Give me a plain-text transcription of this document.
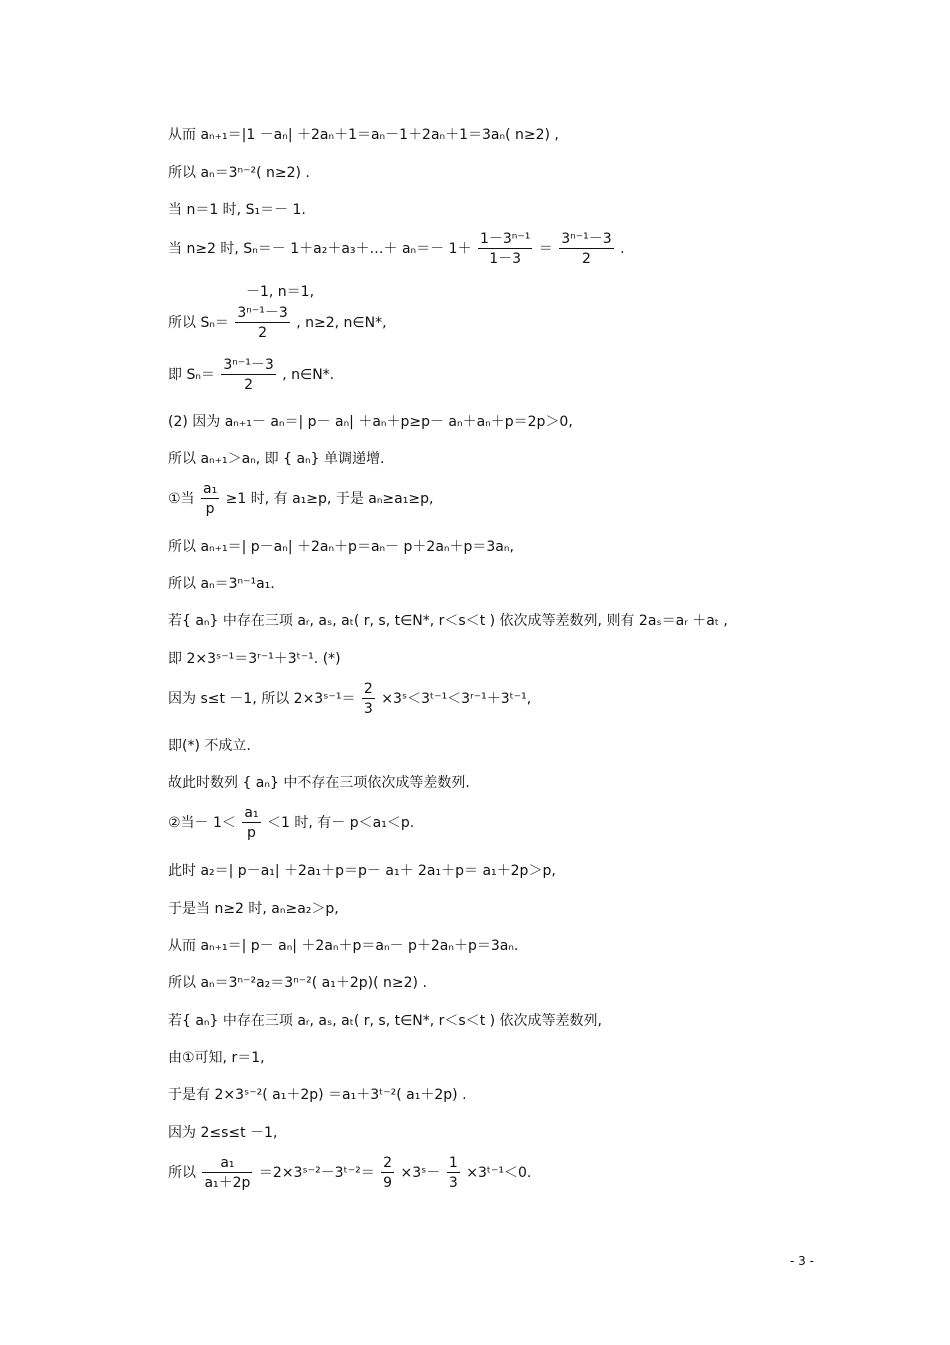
从而 aₙ₊₁＝|1 －aₙ| ＋2aₙ＋1＝aₙ－1＋2aₙ＋1＝3aₙ( n≥2) ,
所以 aₙ＝3ⁿ⁻²( n≥2) .
当 n＝1 时, S₁＝－ 1.
当 n≥2 时, Sₙ＝－ 1＋a₂＋a₃＋…＋ $a_n=- 1+ \frac{\text{1－3ⁿ⁻¹}}{1-3} = \frac{\text{3ⁿ⁻¹－3}}{2}$ .
－1, n＝1,
所以 $S_n= \frac{\text{3ⁿ⁻¹－3}}{2}$ , n≥2, n∈N*,
即 $S_n= \frac{\text{3ⁿ⁻¹－3}}{2}$ , n∈N*.
(2) 因为 aₙ₊₁－ aₙ＝| p－ aₙ| ＋aₙ＋p≥p－ aₙ＋aₙ＋p＝2p＞0,
所以 aₙ₊₁＞aₙ, 即 { aₙ} 单调递增.
①当 $\frac{\text{a₁}}{p} \ge 1$ 时, 有 a₁≥p, 于是 aₙ≥a₁≥p,
所以 aₙ₊₁＝| p－aₙ| ＋2aₙ＋p＝aₙ－ p＋2aₙ＋p＝3aₙ,
所以 aₙ＝3ⁿ⁻¹a₁.
若{ aₙ} 中存在三项 aᵣ, aₛ, aₜ( r, s, t∈N*, r＜s＜t ) 依次成等差数列, 则有 2aₛ＝aᵣ ＋aₜ ,
即 2×3ˢ⁻¹＝3ʳ⁻¹＋3ᵗ⁻¹. (*)
因为 s≤t －1, 所以 2×3ˢ⁻¹＝ $\frac{2}{3}$ ×3ˢ＜3ᵗ⁻¹＜3ʳ⁻¹＋3ᵗ⁻¹,
即(*) 不成立.
故此时数列 { aₙ} 中不存在三项依次成等差数列.
②当－ $1< \frac{\text{a₁}}{p} <1$ 时, 有－ p＜a₁＜p.
此时 a₂＝| p－a₁| ＋2a₁＋p＝p－ a₁＋ 2a₁＋p＝ a₁＋2p＞p,
于是当 n≥2 时, aₙ≥a₂＞p,
从而 aₙ₊₁＝| p－ aₙ| ＋2aₙ＋p＝aₙ－ p＋2aₙ＋p＝3aₙ.
所以 aₙ＝3ⁿ⁻²a₂＝3ⁿ⁻²( a₁＋2p)( n≥2) .
若{ aₙ} 中存在三项 aᵣ, aₛ, aₜ( r, s, t∈N*, r＜s＜t ) 依次成等差数列,
由①可知, r＝1,
于是有 2×3ˢ⁻²( a₁＋2p) ＝a₁＋3ᵗ⁻²( a₁＋2p) .
因为 2≤s≤t －1,
所以 $\frac{\text{a₁}}{\text{a₁＋2p}}$ ＝2×3ˢ⁻²－3ᵗ⁻²＝ $\frac{2}{9}$ ×3ˢ－ $\frac{1}{3}$ ×3ᵗ⁻¹＜0.
- 3 -
